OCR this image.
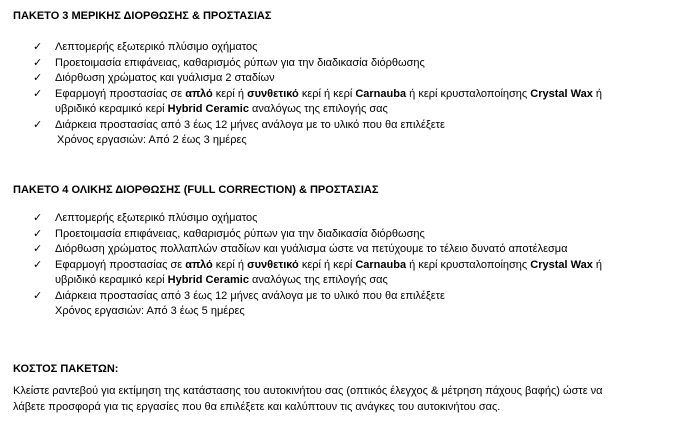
ΠΑΚΕΤΟ 3 ΜΕΡΙΚΗΣ ΔΙΟΡΘΩΣΗΣ & ΠΡΟΣΤΑΣΙΑΣ
✓ Λεπτομερής εξωτερικό πλύσιμο οχήματος
✓ Προετοιμασία επιφάνειας, καθαρισμός ρύπων για την διαδικασία διόρθωσης
✓ Διόρθωση χρώματος και γυάλισμα 2 σταδίων
✓ Εφαρμογή προστασίας σε απλό κερί ή συνθετικό κερί ή κερί Carnauba ή κερί κρυσταλοποίησης Crystal Wax ή
υβριδικό κεραμικό κερί Hybrid Ceramic αναλόγως της επιλογής σας
✓ Διάρκεια προστασίας από 3 έως 12 μήνες ανάλογα με το υλικό που θα επιλέξετε
Χρόνος εργασιών: Από 2 έως 3 ημέρες
ΠΑΚΕΤΟ 4 ΟΛΙΚΗΣ ΔΙΟΡΘΩΣΗΣ (FULL CORRECTION) & ΠΡΟΣΤΑΣΙΑΣ
✓ Λεπτομερής εξωτερικό πλύσιμο οχήματος
✓ Προετοιμασία επιφάνειας, καθαρισμός ρύπων για την διαδικασία διόρθωσης
✓ Διόρθωση χρώματος πολλαπλών σταδίων και γυάλισμα ώστε να πετύχουμε το τέλειο δυνατό αποτέλεσμα
✓ Εφαρμογή προστασίας σε απλό κερί ή συνθετικό κερί ή κερί Carnauba ή κερί κρυσταλοποίησης Crystal Wax ή
υβριδικό κεραμικό κερί Hybrid Ceramic αναλόγως της επιλογής σας
✓ Διάρκεια προστασίας από 3 έως 12 μήνες ανάλογα με το υλικό που θα επιλέξετε
Χρόνος εργασιών: Από 3 έως 5 ημέρες
ΚΟΣΤΟΣ ΠΑΚΕΤΩΝ:
Κλείστε ραντεβού για εκτίμηση της κατάστασης του αυτοκινήτου σας (οπτικός έλεγχος & μέτρηση πάχους βαφής) ώστε να
λάβετε προσφορά για τις εργασίες που θα επιλέξετε και καλύπτουν τις ανάγκες του αυτοκινήτου σας.
